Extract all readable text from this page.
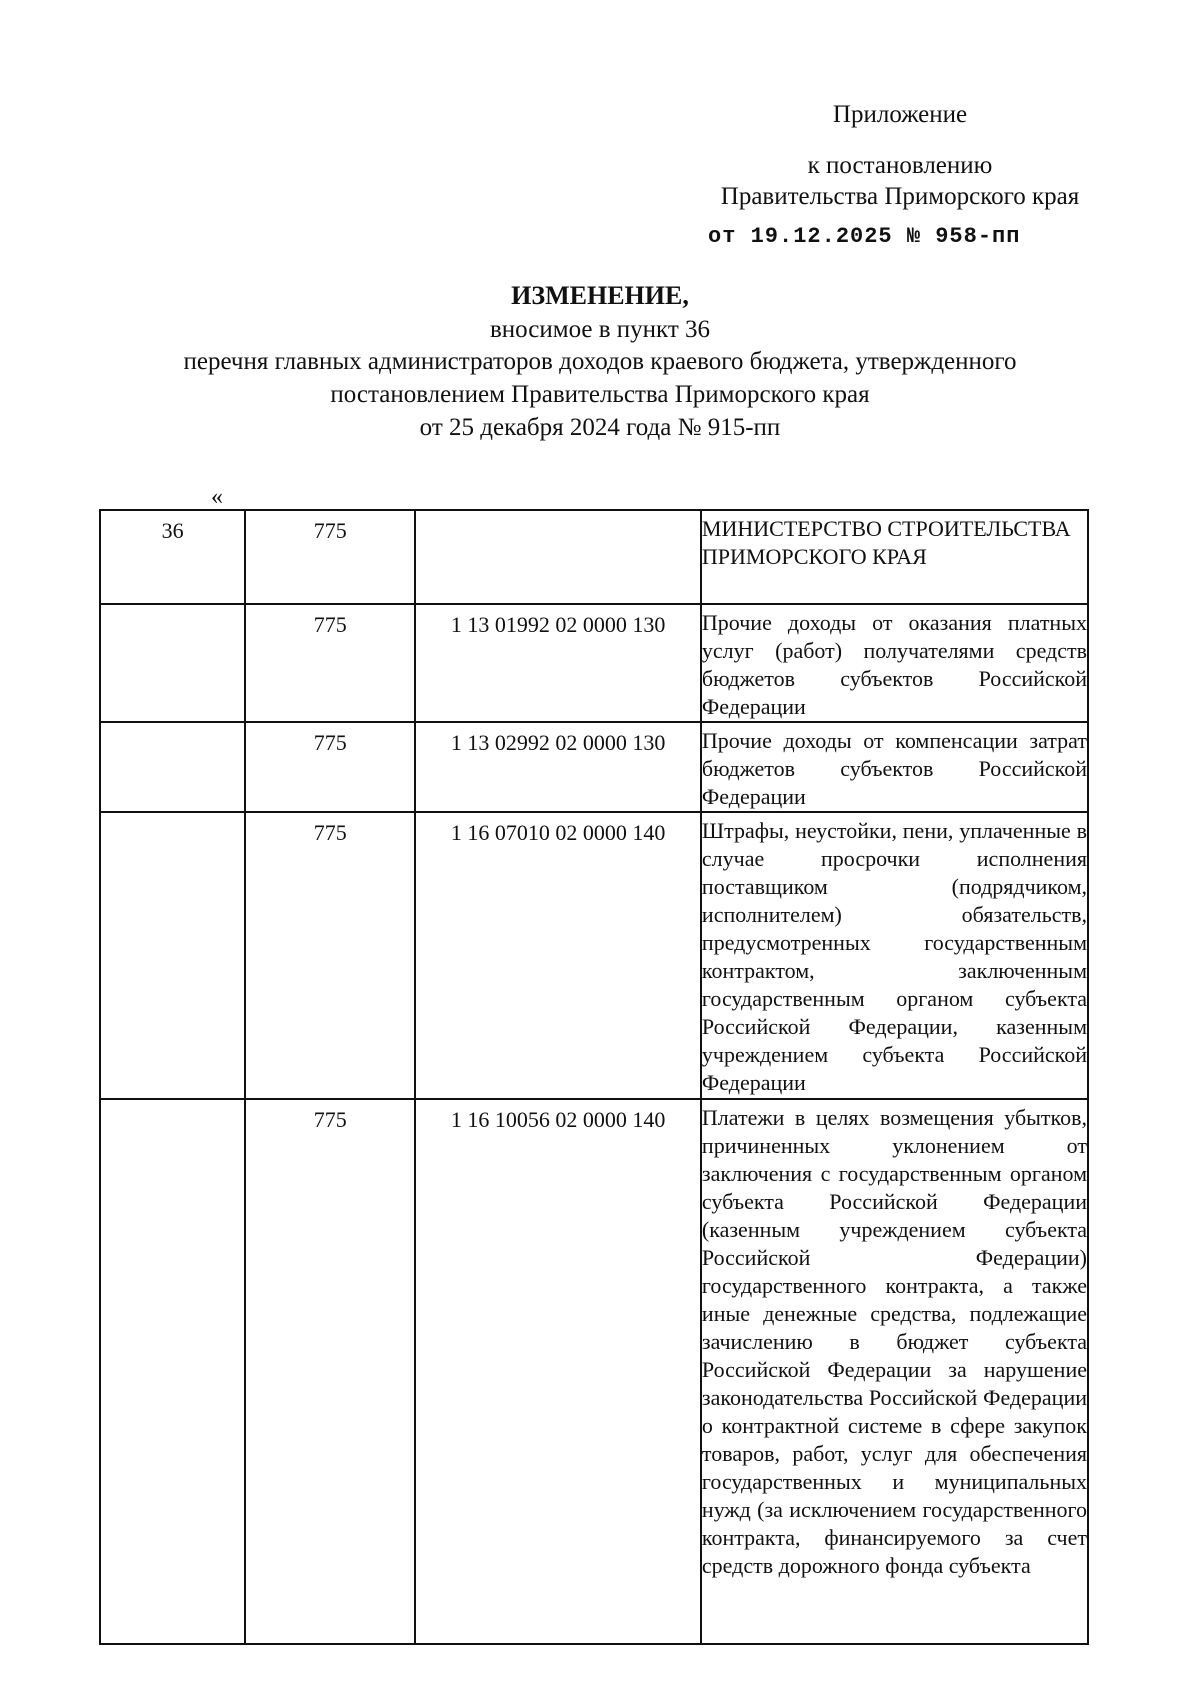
Приложение
к постановлению
Правительства Приморского края
от 19.12.2025 № 958-пп
ИЗМЕНЕНИЕ,
вносимое в пункт 36
перечня главных администраторов доходов краевого бюджета, утвержденного
постановлением Правительства Приморского края
от 25 декабря 2024 года № 915-пп
«
36	775		МИНИСТЕРСТВО СТРОИТЕЛЬСТВА ПРИМОРСКОГО КРАЯ

	775	1 13 01992 02 0000 130	Прочие доходы от оказания платных услуг (работ) получателями средств бюджетов субъектов Российской Федерации

	775	1 13 02992 02 0000 130	Прочие доходы от компенсации затрат бюджетов субъектов Российской Федерации

	775	1 16 07010 02 0000 140	Штрафы, неустойки, пени, уплаченные в случае просрочки исполнения поставщиком (подрядчиком, исполнителем) обязательств, предусмотренных государственным контрактом, заключенным государственным органом субъекта Российской Федерации, казенным учреждением субъекта Российской Федерации

	775	1 16 10056 02 0000 140	Платежи в целях возмещения убытков, причиненных уклонением от заключения с государственным органом субъекта Российской Федерации (казенным учреждением субъекта Российской Федерации) государственного контракта, а также иные денежные средства, подлежащие зачислению в бюджет субъекта Российской Федерации за нарушение законодательства Российской Федерации о контрактной системе в сфере закупок товаров, работ, услуг для обеспечения государственных и муниципальных нужд (за исключением государственного контракта, финансируемого за счет средств дорожного фонда субъекта
